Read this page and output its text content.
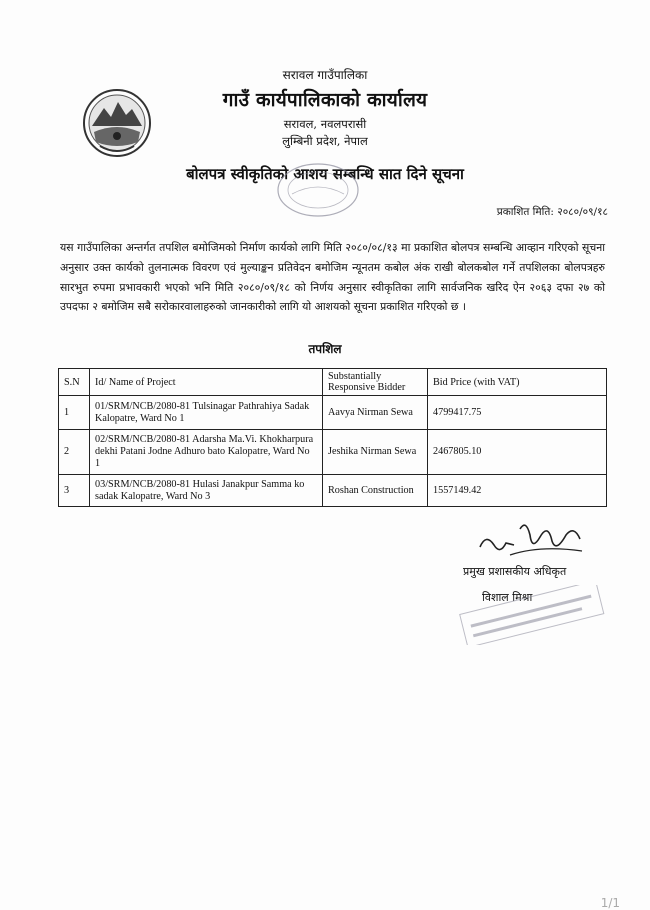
सरावल गाउँपालिका
गाउँ कार्यपालिकाको कार्यालय
सरावल, नवलपरासी
लुम्बिनी प्रदेश, नेपाल
बोलपत्र स्वीकृतिको आशय सम्बन्धि सात दिने सूचना
प्रकाशित मिति: २०८०/०९/१८
यस गाउँपालिका अन्तर्गत तपशिल बमोजिमको निर्माण कार्यको लागि मिति २०८०/०८/१३ मा प्रकाशित बोलपत्र सम्बन्धि आव्हान गरिएको सूचना अनुसार उक्त कार्यको तुलनात्मक विवरण एवं मुल्याङ्कन प्रतिवेदन बमोजिम न्यूनतम कबोल अंक राखी बोलकबोल गर्ने तपशिलका बोलपत्रहरु सारभुत रुपमा प्रभावकारी भएको भनि मिति २०८०/०९/१८ को निर्णय अनुसार स्वीकृतिका लागि सार्वजनिक खरिद ऐन २०६३ दफा २७ को उपदफा २ बमोजिम सबै सरोकारवालाहरुको जानकारीको लागि यो आशयको सूचना प्रकाशित गरिएको छ ।
तपशिल
S.N	Id/ Name of Project	Substantially Responsive Bidder	Bid Price (with VAT)
1	01/SRM/NCB/2080-81 Tulsinagar Pathrahiya Sadak Kalopatre, Ward No 1	Aavya Nirman Sewa	4799417.75
2	02/SRM/NCB/2080-81 Adarsha Ma.Vi. Khokharpura dekhi Patani Jodne Adhuro bato Kalopatre, Ward No 1	Jeshika Nirman Sewa	2467805.10
3	03/SRM/NCB/2080-81 Hulasi Janakpur Samma ko sadak Kalopatre, Ward No 3	Roshan Construction	1557149.42
प्रमुख प्रशासकीय अधिकृत
विशाल मिश्रा
1/1
